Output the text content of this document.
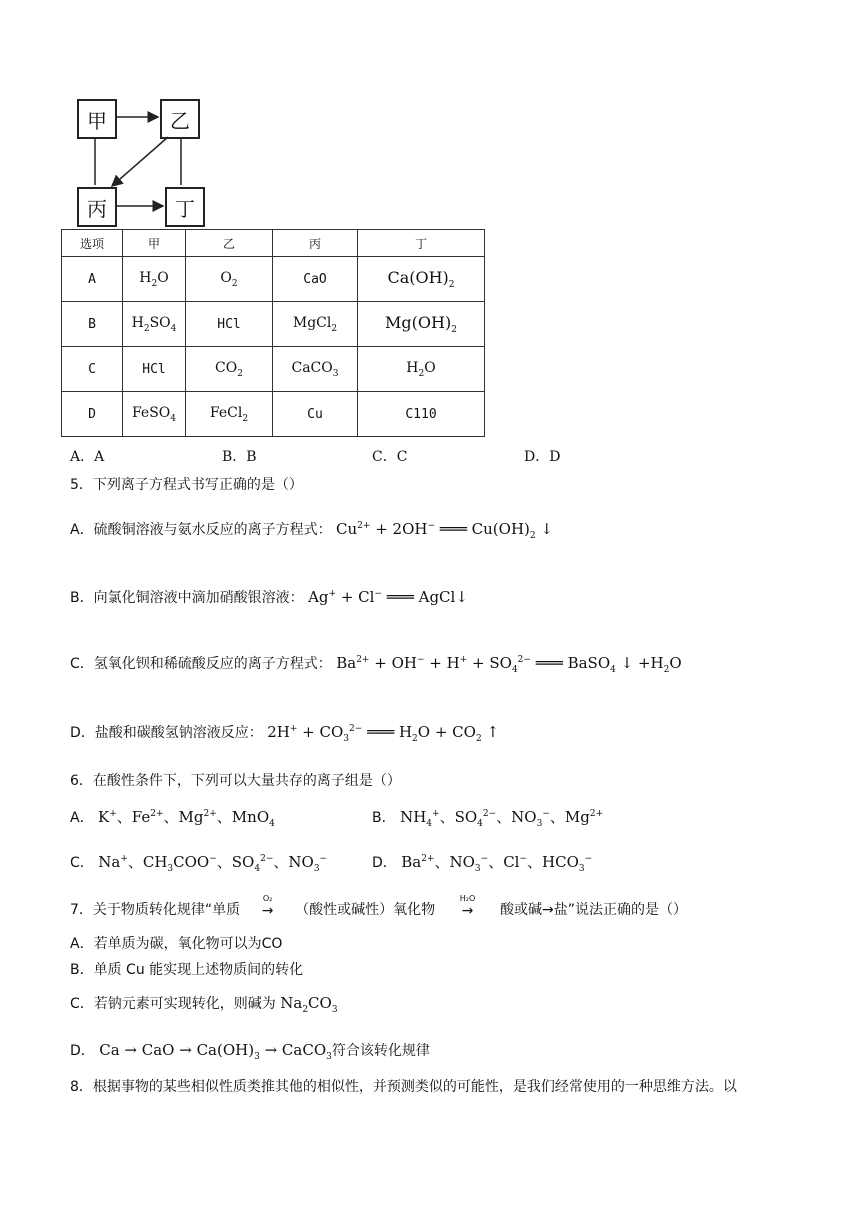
甲	乙
丙	丁
选项	甲	乙	丙	丁
A	$H_2O$	$O_2$	CaO	$Ca(OH)_2$
B	$H_2SO_4$	HCl	MgCl$_2$	$Mg(OH)_2$
C	HCl	$CO_2$	CaCO$_3$	$H_2O$
D	FeSO$_4$	FeCl$_2$	Cu	C110
A．A	B．B	C．C	D．D
5．下列离子方程式书写正确的是（）
A．硫酸铜溶液与氨水反应的离子方程式： $Cu^{2+} + 2OH^-$ ═══ $Cu(OH)_2$ ↓
B．向氯化铜溶液中滴加硝酸银溶液： Ag+ + Cl− ═══ AgCl↓
C．氢氧化钡和稀硫酸反应的离子方程式： $Ba^{2+} + OH^- + H^+ + SO_4^{2-}$ ═══ BaSO$_4$ ↓ $+H_2O$
D．盐酸和碳酸氢钠溶液反应： $2H^+ + CO_3^{2-}$ ═══ $H_2O + CO_2$ ↑
6．在酸性条件下，下列可以大量共存的离子组是（）
A． K+、$Fe^{2+}$、$Mg^{2+}$、MnO$_4$	B． $NH_4^+$、$SO_4^{2-}$、$NO_3^-$、$Mg^{2+}$
C． Na+、$CH_3COO^-$、$SO_4^{2-}$、$NO_3^-$	D． $Ba^{2+}$、$NO_3^-$、Cl−、$HCO_3^-$
7．关于物质转化规律“单质
O₂
→ （酸性或碱性）氧化物
H₂O
→ 酸或碱→盐”说法正确的是（）
A．若单质为碳，氧化物可以为CO
B．单质 Cu 能实现上述物质间的转化
C．若钠元素可实现转化，则碱为 $Na_2CO_3$
D． Ca → CaO → $Ca(OH)_3$ → CaCO$_3$符合该转化规律
8．根据事物的某些相似性质类推其他的相似性，并预测类似的可能性，是我们经常使用的一种思维方法。以
